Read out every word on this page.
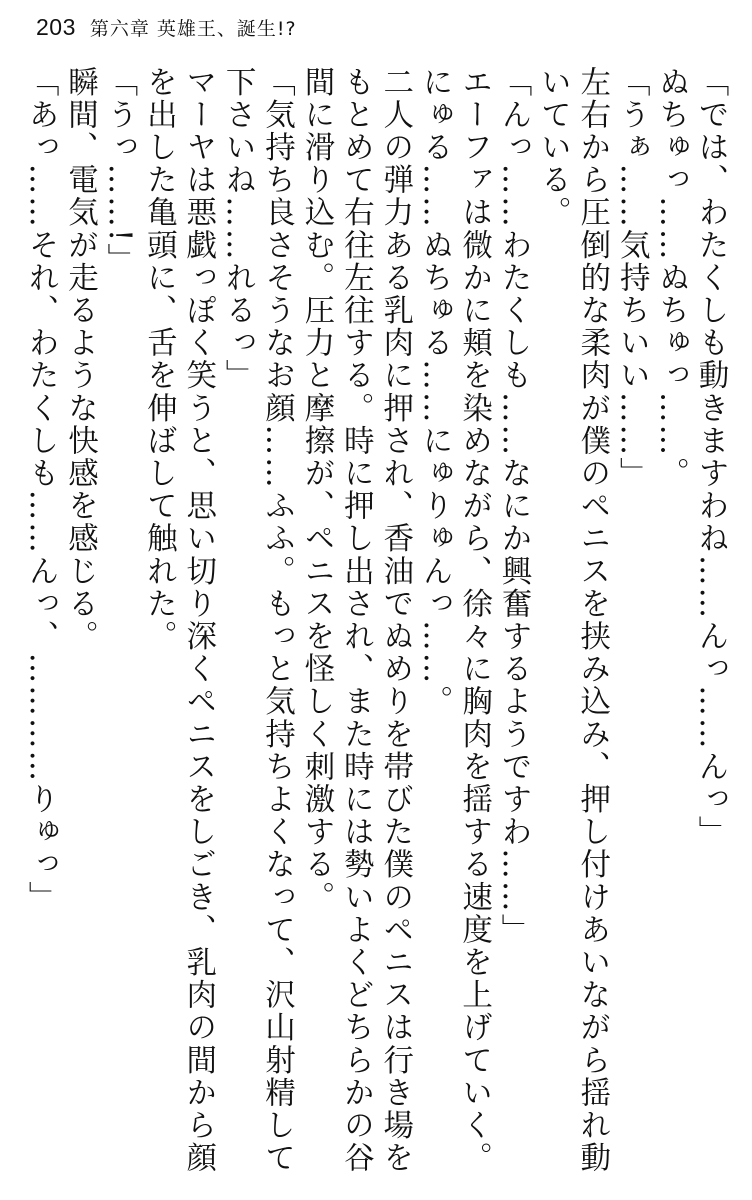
203 第六章 英雄王、誕生!?

「では、わたくしも動きますわね……んっ……んっ」

ぬちゅっ……ぬちゅっ……。

「うぁ……気持ちいい……」

左右から圧倒的な柔肉が僕のペニスを挟み込み、押し付けあいながら揺れ動いている。

「んっ……わたくしも……なにか興奮するようですわ……」

エーファは微かに頬を染めながら、徐々に胸肉を揺する速度を上げていく。

にゅる……ぬちゅる……にゅりゅんっ……。

二人の弾力ある乳肉に押され、香油でぬめりを帯びた僕のペニスは行き場をもとめて右往左往する。時に押し出され、また時には勢いよくどちらかの谷間に滑り込む。圧力と摩擦が、ペニスを怪しく刺激する。

「気持ち良さそうなお顔……ふふ。もっと気持ちよくなって、沢山射精して下さいね……れるっ」

マーヤは悪戯っぽく笑うと、思い切り深くペニスをしごき、乳肉の間から顔を出した亀頭に、舌を伸ばして触れた。

「うっ……!」

瞬間、電気が走るような快感を感じる。

「あっ……それ、わたくしも……んっ、…………りゅっ」
